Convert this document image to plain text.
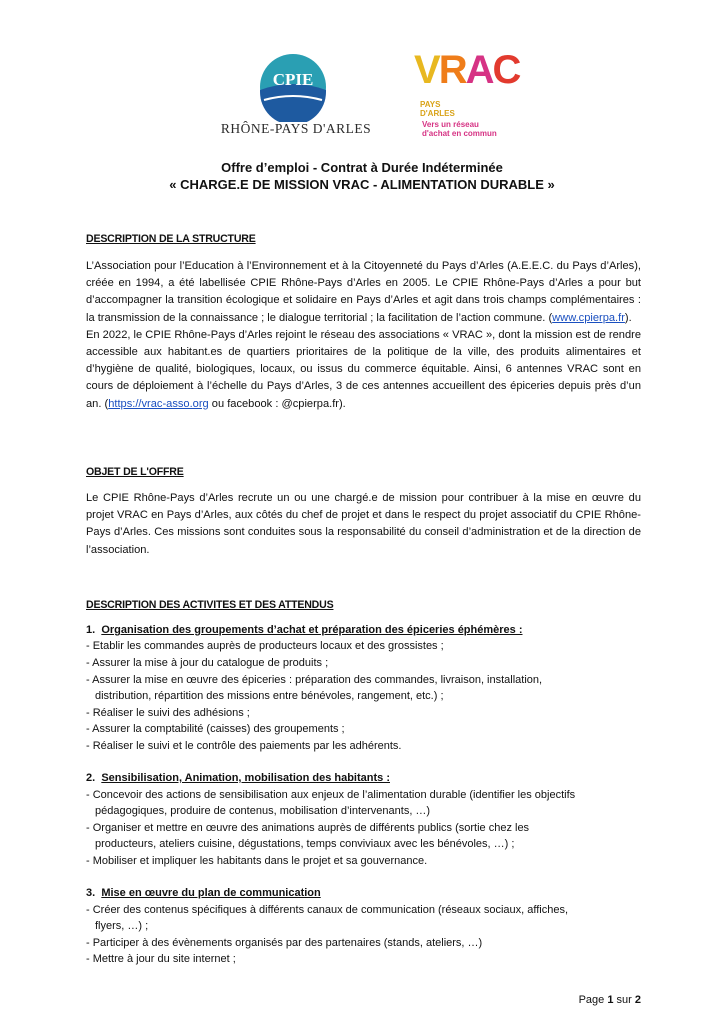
CPIE
RHÔNE-PAYS D'ARLES
VRAC
PAYS
D'ARLES
Vers un réseau
d'achat en commun
Offre d’emploi - Contrat à Durée Indéterminée
« CHARGE.E DE MISSION VRAC - ALIMENTATION DURABLE »
DESCRIPTION DE LA STRUCTURE

L’Association pour l’Education à l’Environnement et à la Citoyenneté du Pays d’Arles (A.E.E.C. du Pays d’Arles), créée en 1994, a été labellisée CPIE Rhône-Pays d’Arles en 2005. Le CPIE Rhône-Pays d’Arles a pour but d’accompagner la transition écologique et solidaire en Pays d’Arles et agit dans trois champs complémentaires : la transmission de la connaissance ; le dialogue territorial ; la facilitation de l’action commune. (www.cpierpa.fr).

En 2022, le CPIE Rhône-Pays d’Arles rejoint le réseau des associations « VRAC », dont la mission est de rendre accessible aux habitant.es de quartiers prioritaires de la politique de la ville, des produits alimentaires et d’hygiène de qualité, biologiques, locaux, ou issus du commerce équitable. Ainsi, 6 antennes VRAC sont en cours de déploiement à l’échelle du Pays d’Arles, 3 de ces antennes accueillent des épiceries depuis près d’un an. (https://vrac-asso.org ou facebook : @cpierpa.fr).

OBJET DE L'OFFRE
Le CPIE Rhône-Pays d’Arles recrute un ou une chargé.e de mission pour contribuer à la mise en œuvre du projet VRAC en Pays d’Arles, aux côtés du chef de projet et dans le respect du projet associatif du CPIE Rhône-Pays d’Arles. Ces missions sont conduites sous la responsabilité du conseil d’administration et de la direction de l’association.
DESCRIPTION DES ACTIVITES ET DES ATTENDUS
1. Organisation des groupements d’achat et préparation des épiceries éphémères :
- Etablir les commandes auprès de producteurs locaux et des grossistes ;
- Assurer la mise à jour du catalogue de produits ;
- Assurer la mise en œuvre des épiceries : préparation des commandes, livraison, installation,
distribution, répartition des missions entre bénévoles, rangement, etc.) ;
- Réaliser le suivi des adhésions ;
- Assurer la comptabilité (caisses) des groupements ;
- Réaliser le suivi et le contrôle des paiements par les adhérents.
2. Sensibilisation, Animation, mobilisation des habitants :
- Concevoir des actions de sensibilisation aux enjeux de l’alimentation durable (identifier les objectifs
pédagogiques, produire de contenus, mobilisation d’intervenants, …)
- Organiser et mettre en œuvre des animations auprès de différents publics (sortie chez les
producteurs, ateliers cuisine, dégustations, temps conviviaux avec les bénévoles, …) ;
- Mobiliser et impliquer les habitants dans le projet et sa gouvernance.
3. Mise en œuvre du plan de communication
- Créer des contenus spécifiques à différents canaux de communication (réseaux sociaux, affiches,
flyers, …) ;
- Participer à des évènements organisés par des partenaires (stands, ateliers, …)
- Mettre à jour du site internet ;
Page 1 sur 2
